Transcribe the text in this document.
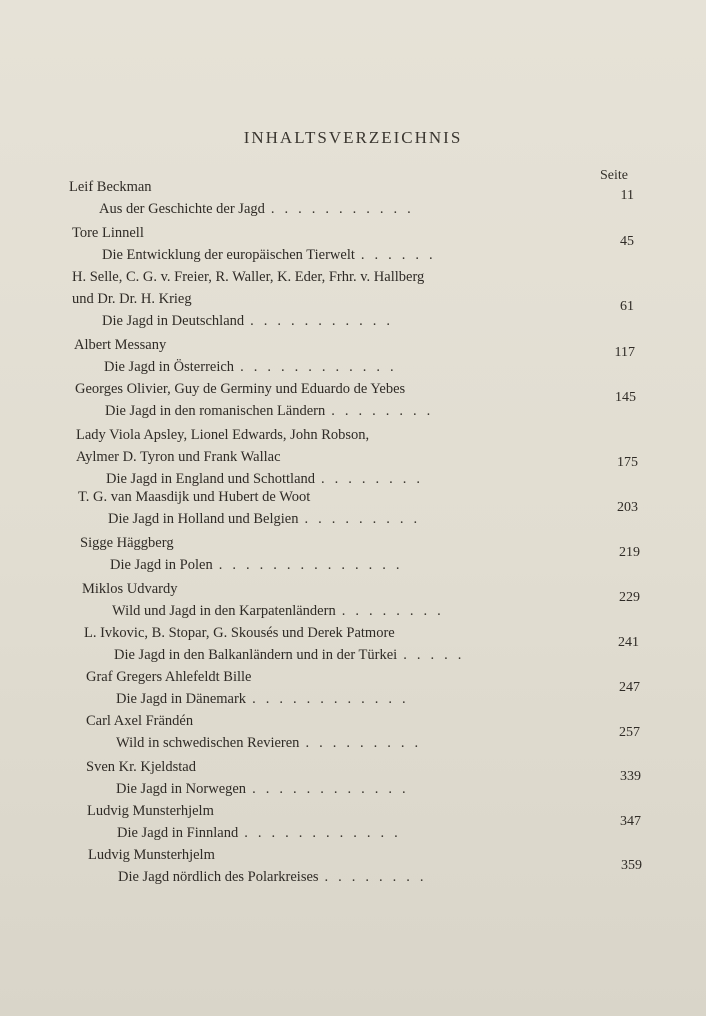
INHALTSVERZEICHNIS
Seite
Leif Beckman
Aus der Geschichte der Jagd ...........
11
Tore Linnell
Die Entwicklung der europäischen Tierwelt ......
45
H. Selle, C. G. v. Freier, R. Waller, K. Eder, Frhr. v. Hallberg
und Dr. Dr. H. Krieg
Die Jagd in Deutschland ...........
61
Albert Messany
Die Jagd in Österreich ............
117
Georges Olivier, Guy de Germiny und Eduardo de Yebes
Die Jagd in den romanischen Ländern ........
145
Lady Viola Apsley, Lionel Edwards, John Robson,
Aylmer D. Tyron und Frank Wallac
Die Jagd in England und Schottland ........
175
T. G. van Maasdijk und Hubert de Woot
Die Jagd in Holland und Belgien .........
203
Sigge Häggberg
Die Jagd in Polen ..............
219
Miklos Udvardy
Wild und Jagd in den Karpatenländern ........
229
L. Ivkovic, B. Stopar, G. Skousés und Derek Patmore
Die Jagd in den Balkanländern und in der Türkei .....
241
Graf Gregers Ahlefeldt Bille
Die Jagd in Dänemark ............
247
Carl Axel Frändén
Wild in schwedischen Revieren .........
257
Sven Kr. Kjeldstad
Die Jagd in Norwegen ............
339
Ludvig Munsterhjelm
Die Jagd in Finnland ............
347
Ludvig Munsterhjelm
Die Jagd nördlich des Polarkreises ........
359
